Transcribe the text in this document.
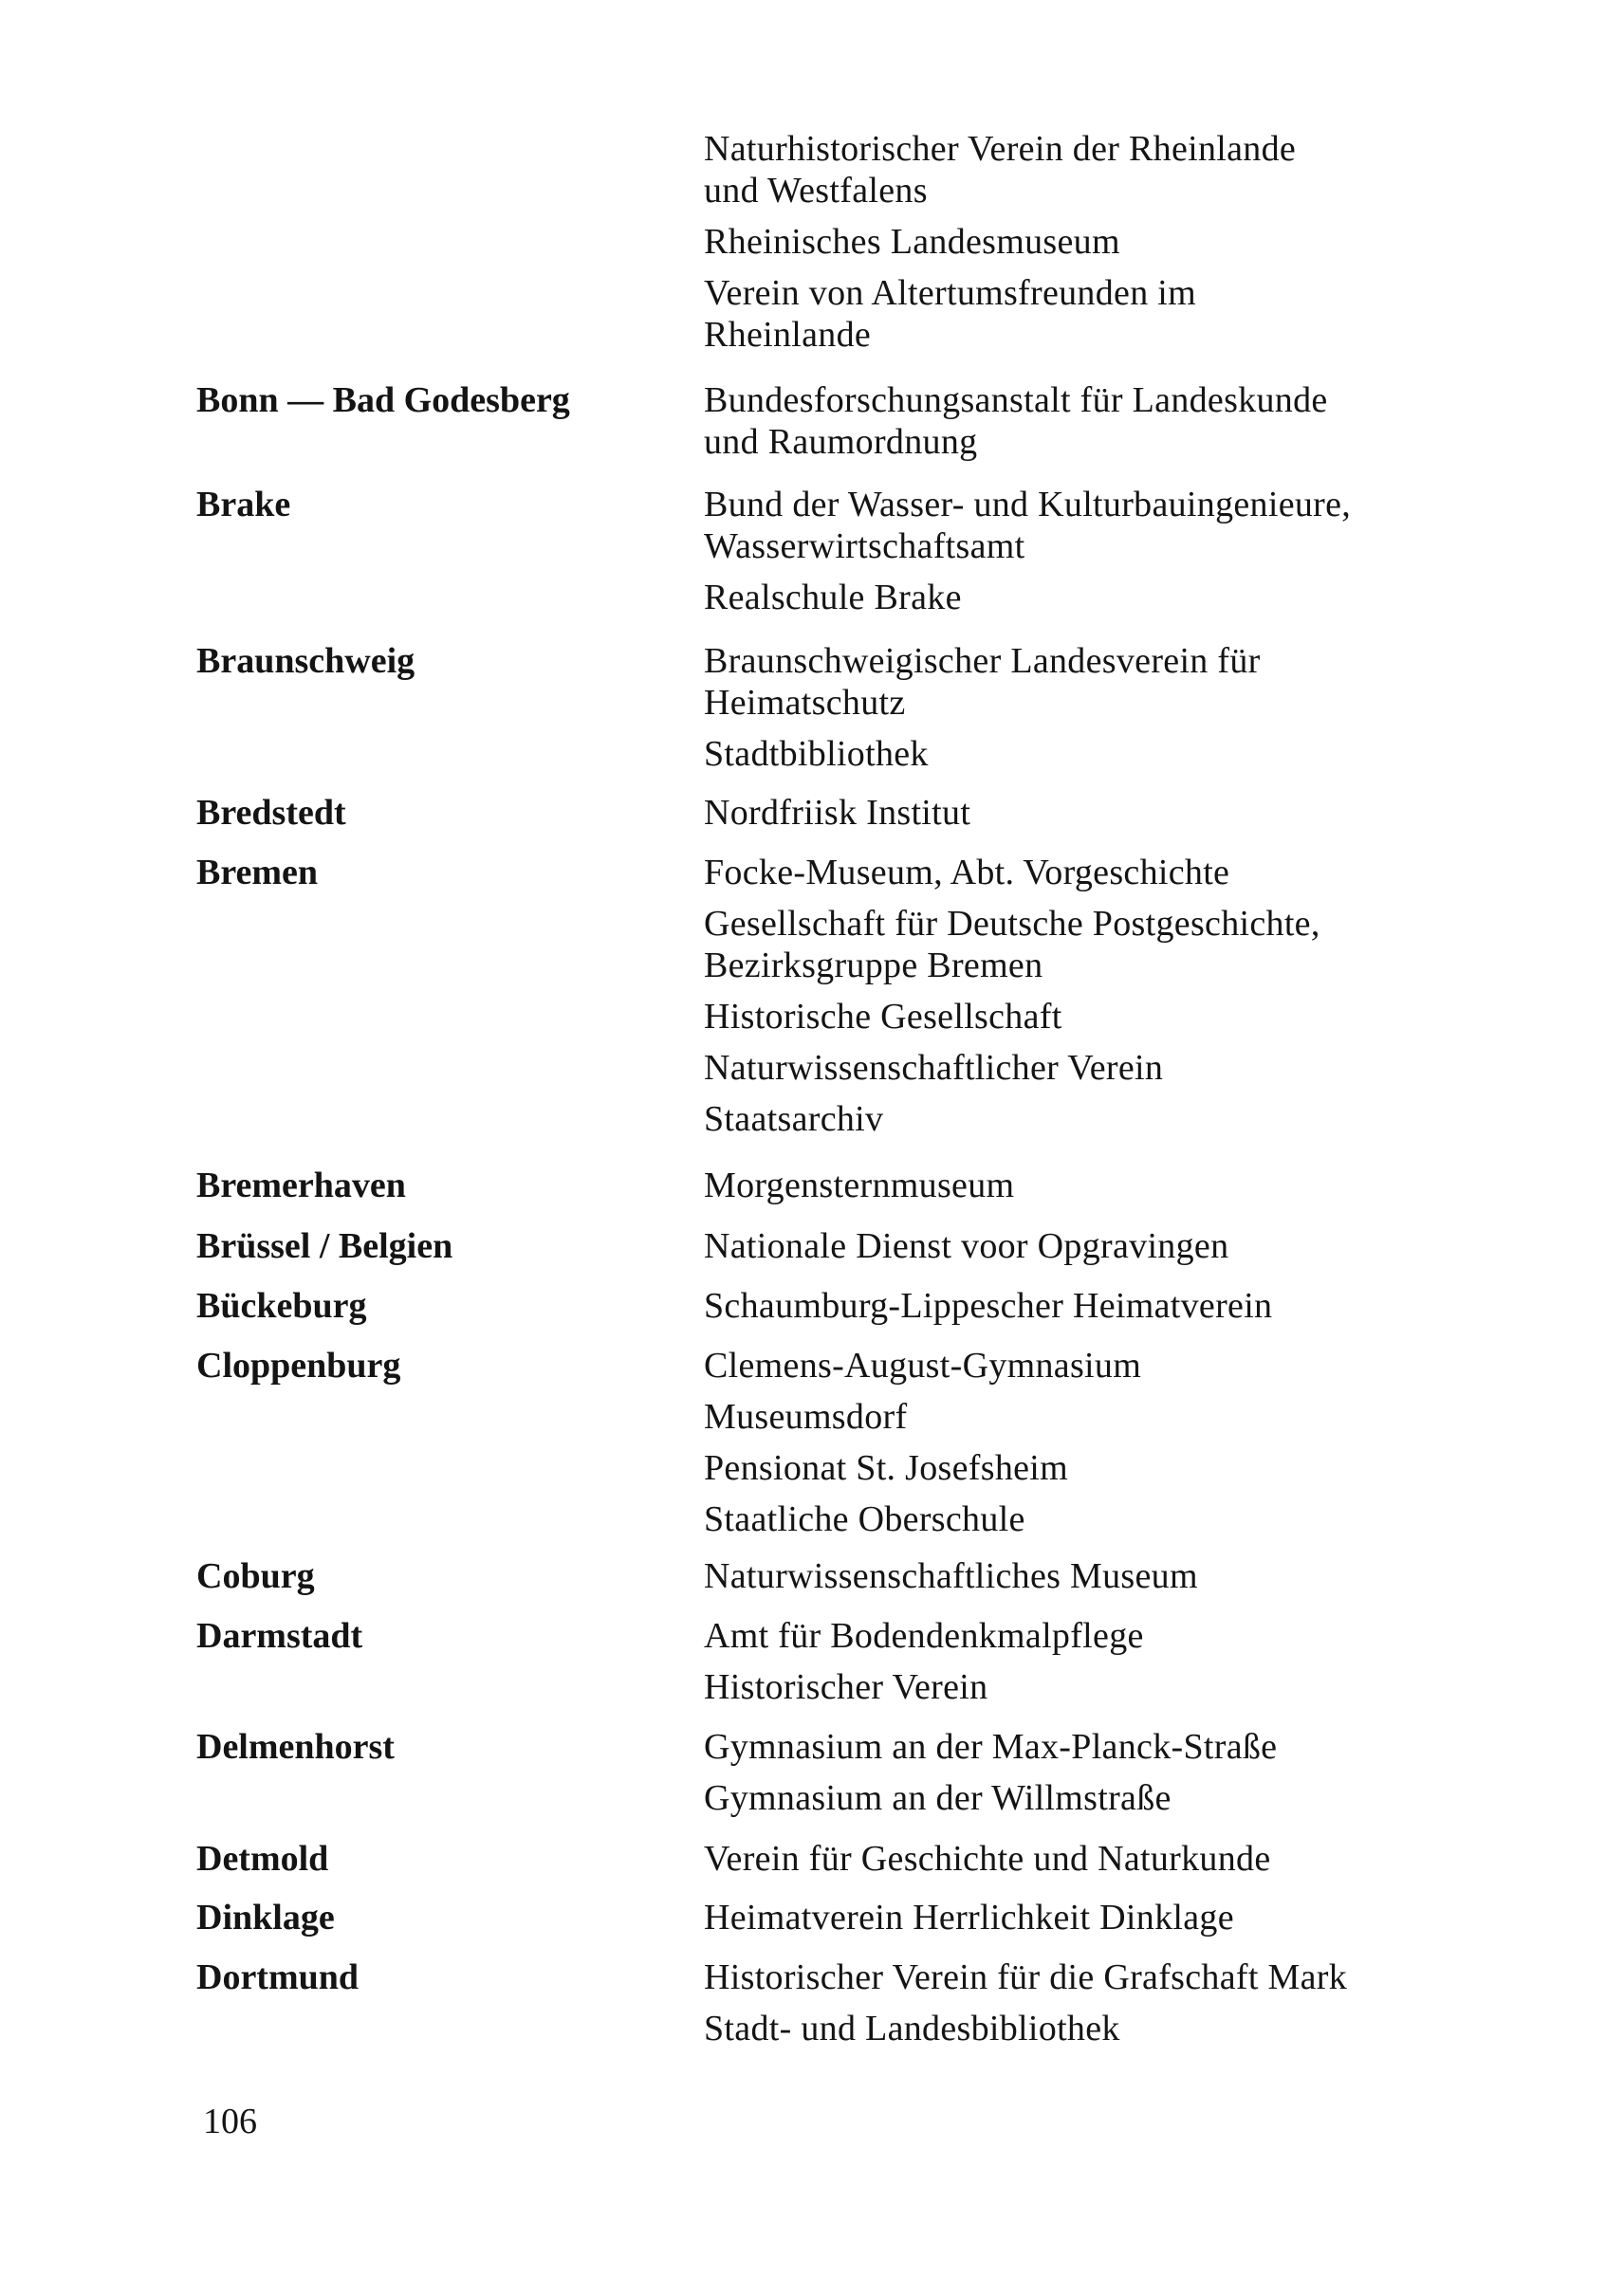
Naturhistorischer Verein der Rheinlande
und Westfalens
Rheinisches Landesmuseum
Verein von Altertumsfreunden im
Rheinlande
Bonn — Bad Godesberg	Bundesforschungsanstalt für Landeskunde
und Raumordnung
Brake	Bund der Wasser- und Kulturbauingenieure,
Wasserwirtschaftsamt
Realschule Brake
Braunschweig	Braunschweigischer Landesverein für
Heimatschutz
Stadtbibliothek
Bredstedt	Nordfriisk Institut
Bremen	Focke-Museum, Abt. Vorgeschichte
Gesellschaft für Deutsche Postgeschichte,
Bezirksgruppe Bremen
Historische Gesellschaft
Naturwissenschaftlicher Verein
Staatsarchiv
Bremerhaven	Morgensternmuseum
Brüssel / Belgien	Nationale Dienst voor Opgravingen
Bückeburg	Schaumburg-Lippescher Heimatverein
Cloppenburg	Clemens-August-Gymnasium
Museumsdorf
Pensionat St. Josefsheim
Staatliche Oberschule
Coburg	Naturwissenschaftliches Museum
Darmstadt	Amt für Bodendenkmalpflege
Historischer Verein
Delmenhorst	Gymnasium an der Max-Planck-Straße
Gymnasium an der Willmstraße
Detmold	Verein für Geschichte und Naturkunde
Dinklage	Heimatverein Herrlichkeit Dinklage
Dortmund	Historischer Verein für die Grafschaft Mark
Stadt- und Landesbibliothek
106
